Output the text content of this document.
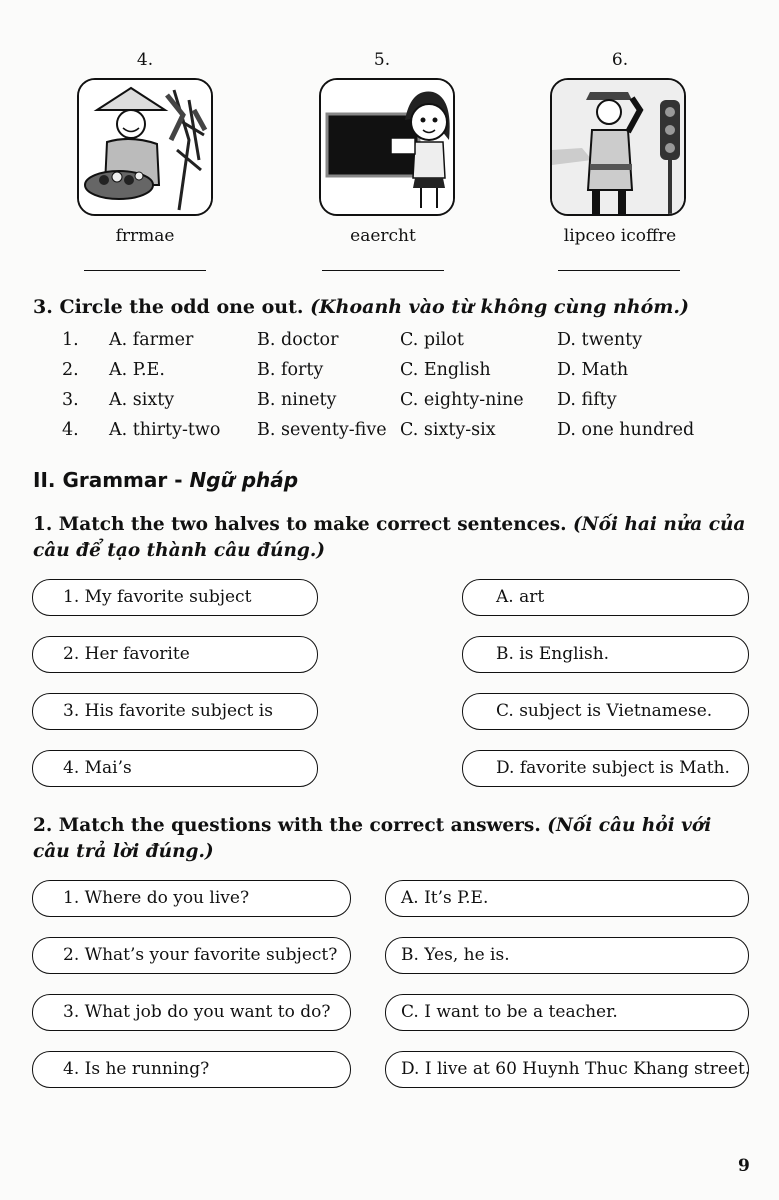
4.	5.	6.
frrmae	eaercht	lipceo icoffre
3. Circle the odd one out. (Khoanh vào từ không cùng nhóm.)
1. A. farmer	B. doctor	C. pilot	D. twenty
2. A. P.E.	B. forty	C. English	D. Math
3. A. sixty	B. ninety	C. eighty-nine D. fifty
4. A. thirty-two B. seventy-five C. sixty-six	D. one hundred
II. Grammar - Ngữ pháp
1. Match the two halves to make correct sentences. (Nối hai nửa của câu để tạo thành câu đúng.)
1. My favorite subject
2. Her favorite
3. His favorite subject is
4. Mai’s
A. art
B. is English.
C. subject is Vietnamese.
D. favorite subject is Math.
2. Match the questions with the correct answers. (Nối câu hỏi với câu trả lời đúng.)
1. Where do you live?
2. What’s your favorite subject?
3. What job do you want to do?
4. Is he running?
A. It’s P.E.
B. Yes, he is.
C. I want to be a teacher.
D. I live at 60 Huynh Thuc Khang street.
9
